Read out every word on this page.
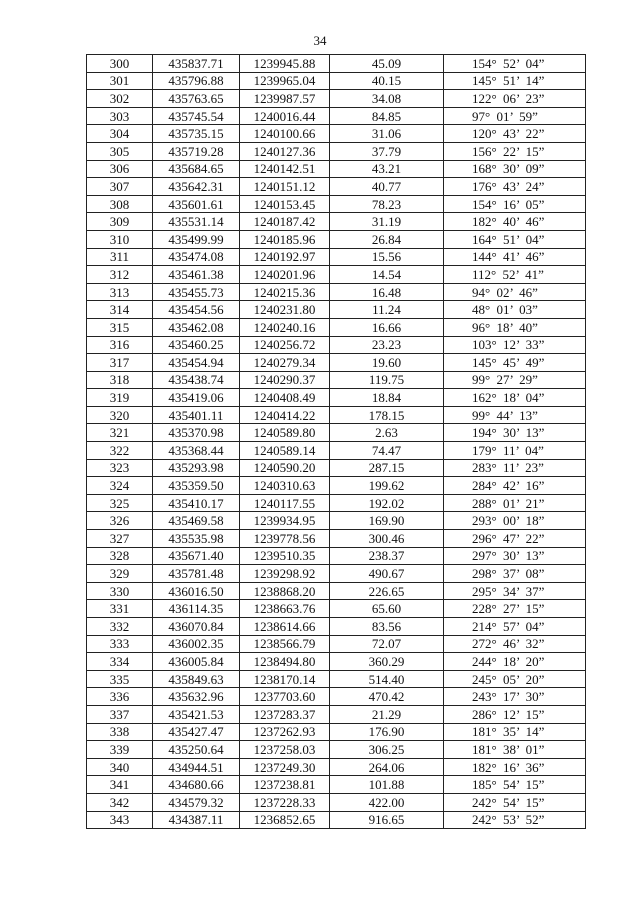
34
300	435837.71	1239945.88	45.09	154° 52’ 04”
301	435796.88	1239965.04	40.15	145° 51’ 14”
302	435763.65	1239987.57	34.08	122° 06’ 23”
303	435745.54	1240016.44	84.85	97° 01’ 59”
304	435735.15	1240100.66	31.06	120° 43’ 22”
305	435719.28	1240127.36	37.79	156° 22’ 15”
306	435684.65	1240142.51	43.21	168° 30’ 09”
307	435642.31	1240151.12	40.77	176° 43’ 24”
308	435601.61	1240153.45	78.23	154° 16’ 05”
309	435531.14	1240187.42	31.19	182° 40’ 46”
310	435499.99	1240185.96	26.84	164° 51’ 04”
311	435474.08	1240192.97	15.56	144° 41’ 46”
312	435461.38	1240201.96	14.54	112° 52’ 41”
313	435455.73	1240215.36	16.48	94° 02’ 46”
314	435454.56	1240231.80	11.24	48° 01’ 03”
315	435462.08	1240240.16	16.66	96° 18’ 40”
316	435460.25	1240256.72	23.23	103° 12’ 33”
317	435454.94	1240279.34	19.60	145° 45’ 49”
318	435438.74	1240290.37	119.75	99° 27’ 29”
319	435419.06	1240408.49	18.84	162° 18’ 04”
320	435401.11	1240414.22	178.15	99° 44’ 13”
321	435370.98	1240589.80	2.63	194° 30’ 13”
322	435368.44	1240589.14	74.47	179° 11’ 04”
323	435293.98	1240590.20	287.15	283° 11’ 23”
324	435359.50	1240310.63	199.62	284° 42’ 16”
325	435410.17	1240117.55	192.02	288° 01’ 21”
326	435469.58	1239934.95	169.90	293° 00’ 18”
327	435535.98	1239778.56	300.46	296° 47’ 22”
328	435671.40	1239510.35	238.37	297° 30’ 13”
329	435781.48	1239298.92	490.67	298° 37’ 08”
330	436016.50	1238868.20	226.65	295° 34’ 37”
331	436114.35	1238663.76	65.60	228° 27’ 15”
332	436070.84	1238614.66	83.56	214° 57’ 04”
333	436002.35	1238566.79	72.07	272° 46’ 32”
334	436005.84	1238494.80	360.29	244° 18’ 20”
335	435849.63	1238170.14	514.40	245° 05’ 20”
336	435632.96	1237703.60	470.42	243° 17’ 30”
337	435421.53	1237283.37	21.29	286° 12’ 15”
338	435427.47	1237262.93	176.90	181° 35’ 14”
339	435250.64	1237258.03	306.25	181° 38’ 01”
340	434944.51	1237249.30	264.06	182° 16’ 36”
341	434680.66	1237238.81	101.88	185° 54’ 15”
342	434579.32	1237228.33	422.00	242° 54’ 15”
343	434387.11	1236852.65	916.65	242° 53’ 52”
